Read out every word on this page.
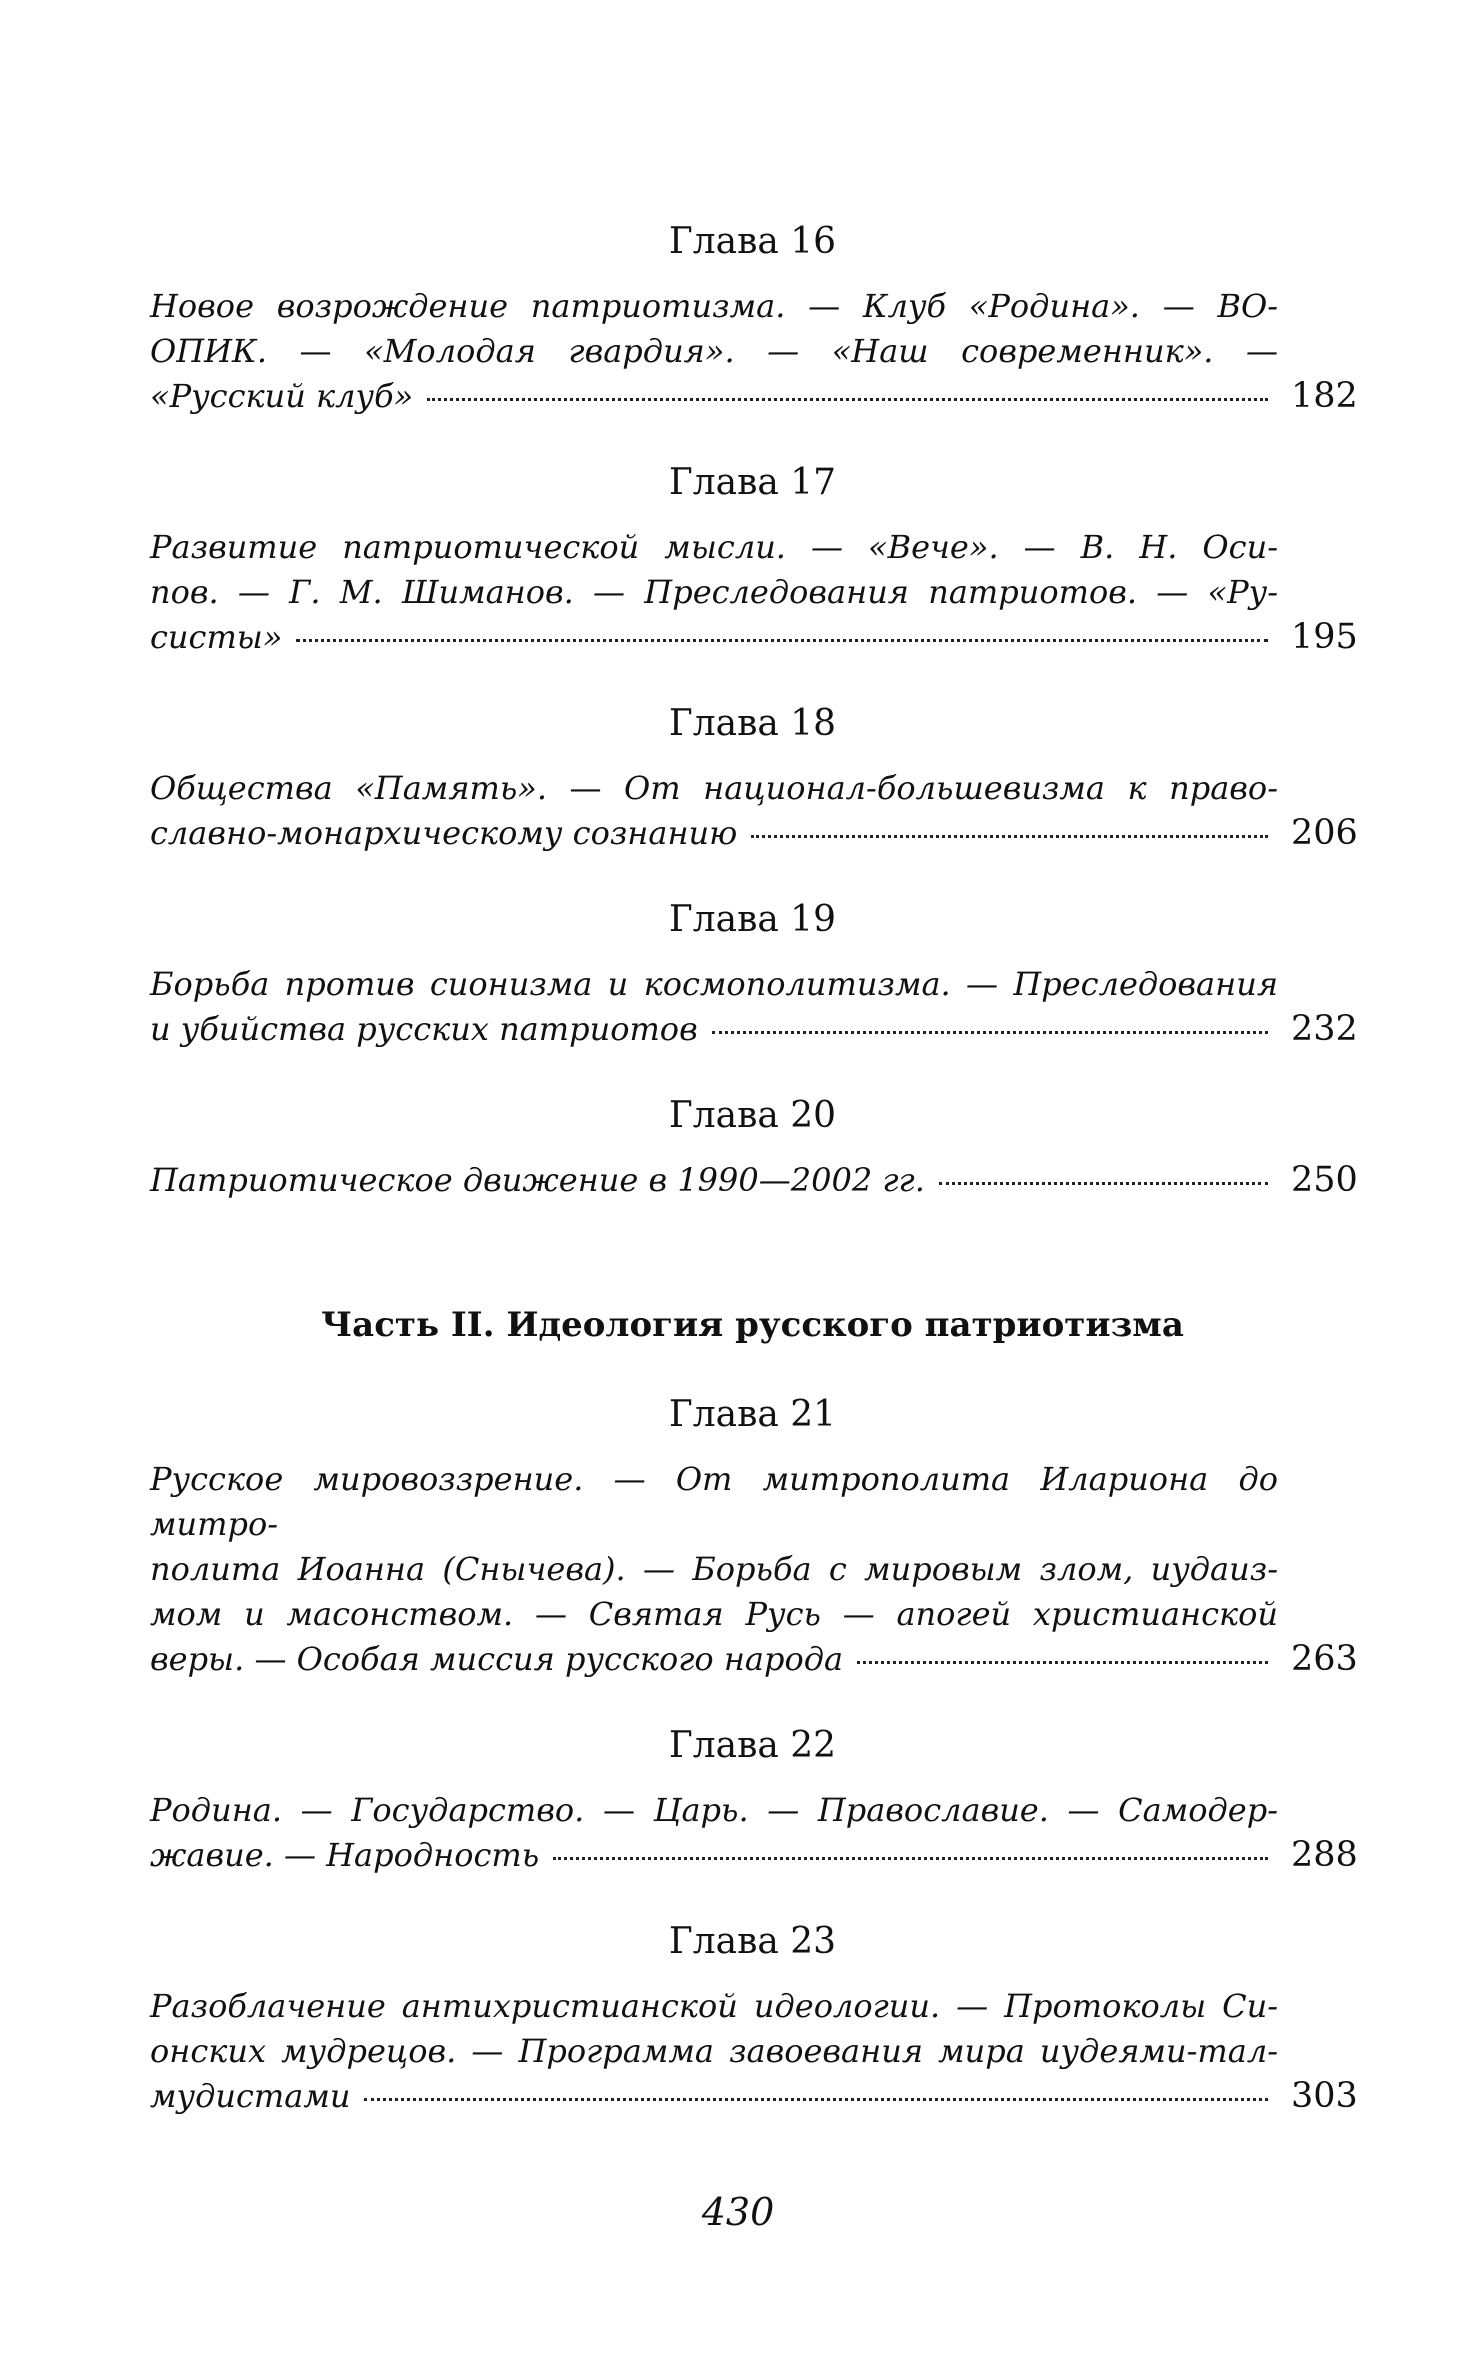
Глава 16
Новое возрождение патриотизма. — Клуб «Родина». — ВО-
ОПИК. — «Молодая гвардия». — «Наш современник». —
«Русский клуб»	182
Глава 17
Развитие патриотической мысли. — «Вече». — В. Н. Оси-
пов. — Г. М. Шиманов. — Преследования патриотов. — «Ру-
систы»	195
Глава 18
Общества «Память». — От национал-большевизма к право-
славно-монархическому сознанию	206
Глава 19
Борьба против сионизма и космополитизма. — Преследования
и убийства русских патриотов	232
Глава 20
Патриотическое движение в 1990—2002 гг.	250
Часть II. Идеология русского патриотизма
Глава 21
Русское мировоззрение. — От митрополита Илариона до митро-
полита Иоанна (Снычева). — Борьба с мировым злом, иудаиз-
мом и масонством. — Святая Русь — апогей христианской
веры. — Особая миссия русского народа	263
Глава 22
Родина. — Государство. — Царь. — Православие. — Самодер-
жавие. — Народность	288
Глава 23
Разоблачение антихристианской идеологии. — Протоколы Си-
онских мудрецов. — Программа завоевания мира иудеями-тал-
мудистами	303
430
